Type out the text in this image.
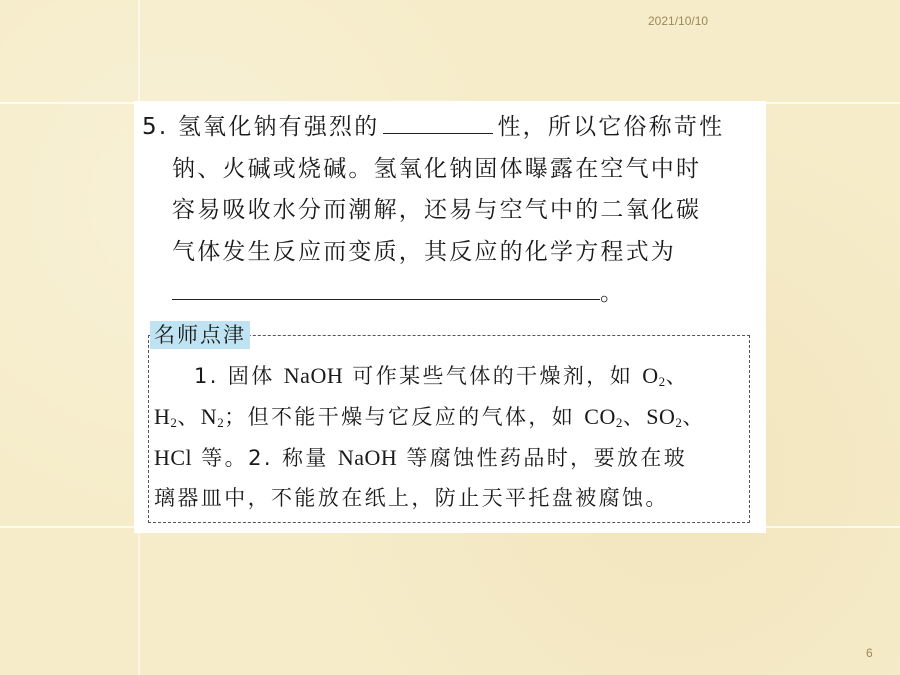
2021/10/10
5. 氢氧化钠有强烈的	性，所以它俗称苛性
钠、火碱或烧碱。氢氧化钠固体曝露在空气中时
容易吸收水分而潮解，还易与空气中的二氧化碳
气体发生反应而变质，其反应的化学方程式为
。
名师点津
1. 固体 NaOH 可作某些气体的干燥剂，如 $O_2$、
$H_2$、$N_2$；但不能干燥与它反应的气体，如 $CO_2$、$SO_2$、
HCl 等。2. 称量 NaOH 等腐蚀性药品时，要放在玻
璃器皿中，不能放在纸上，防止天平托盘被腐蚀。
6
